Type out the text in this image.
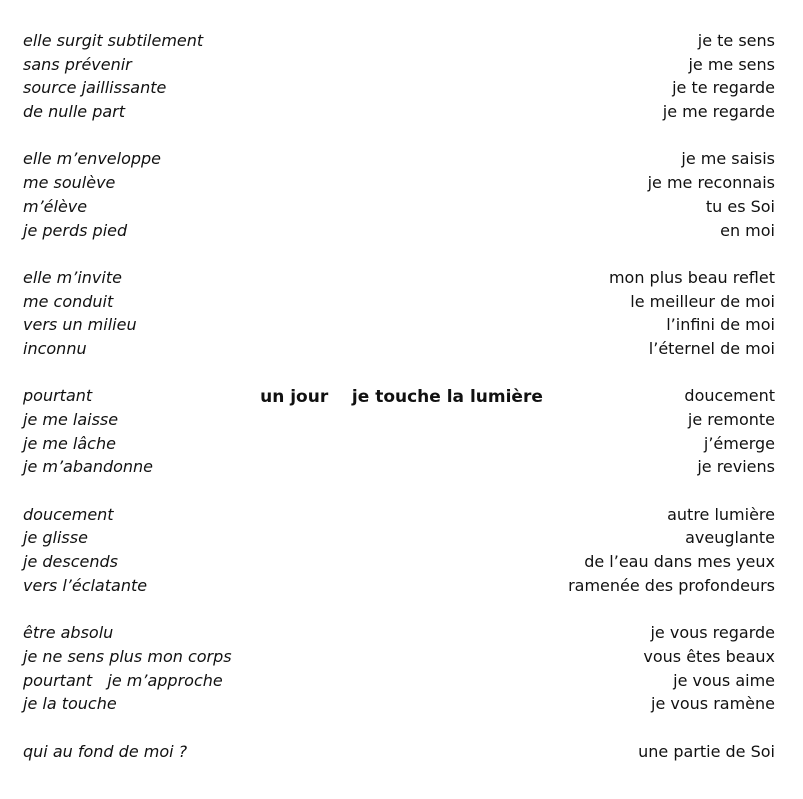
elle surgit subtilement
sans prévenir
source jaillissante
de nulle part
elle m’enveloppe
me soulève
m’élève
je perds pied
elle m’invite
me conduit
vers un milieu
inconnu
pourtant
je me laisse
je me lâche
je m’abandonne
doucement
je glisse
je descends
vers l’éclatante
être absolu
je ne sens plus mon corps
pourtant   je m’approche
je la touche
qui au fond de moi ?
je te sens
je me sens
je te regarde
je me regarde
je me saisis
je me reconnais
tu es Soi
en moi
mon plus beau reflet
le meilleur de moi
l’infini de moi
l’éternel de moi
doucement
je remonte
j’émerge
je reviens
autre lumière
aveuglante
de l’eau dans mes yeux
ramenée des profondeurs
je vous regarde
vous êtes beaux
je vous aime
je vous ramène
une partie de Soi
un jour je touche la lumière
